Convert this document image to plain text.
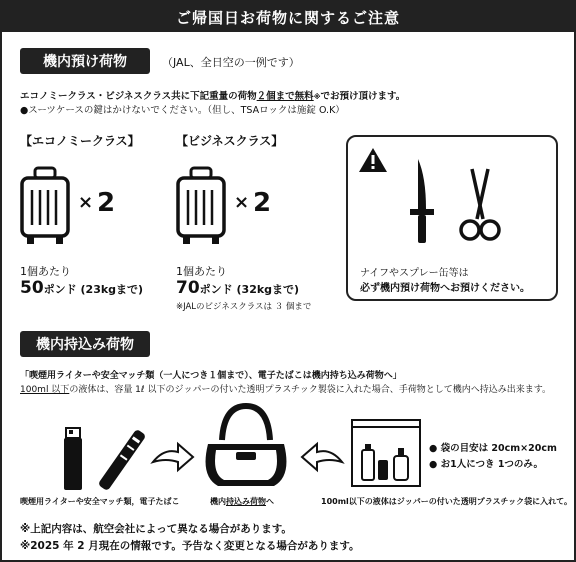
ご帰国日お荷物に関するご注意
機内預け荷物	（JAL、全日空の一例です）
エコノミークラス・ビジネスクラス共に下記重量の荷物２個まで無料※でお預け頂けます。
●スーツケースの鍵はかけないでください。（但し、TSAロックは施錠 O.K）
【エコノミークラス】
× 2
1個あたり
50ポンド (23kgまで)
【ビジネスクラス】
× 2
1個あたり
70ポンド (32kgまで)
※JALのビジネスクラスは ３ 個まで
ナイフやスプレー缶等は
必ず機内預け荷物へお預けください。
機内持込み荷物
「喫煙用ライターや安全マッチ類（一人につき１個まで）、電子たばこは機内持ち込み荷物へ」
100ml 以下の液体は、容量 1ℓ 以下のジッパーの付いた透明プラスチック製袋に入れた場合、手荷物として機内へ持込み出来ます。
● 袋の目安は 20cm×20cm
● お1人につき 1つのみ。
喫煙用ライターや安全マッチ類，電子たばこ	機内持込み荷物へ	100ml以下の液体はジッパーの付いた透明プラスチック袋に入れて。
※上記内容は、航空会社によって異なる場合があります。
※2025 年 2 月現在の情報です。予告なく変更となる場合があります。
